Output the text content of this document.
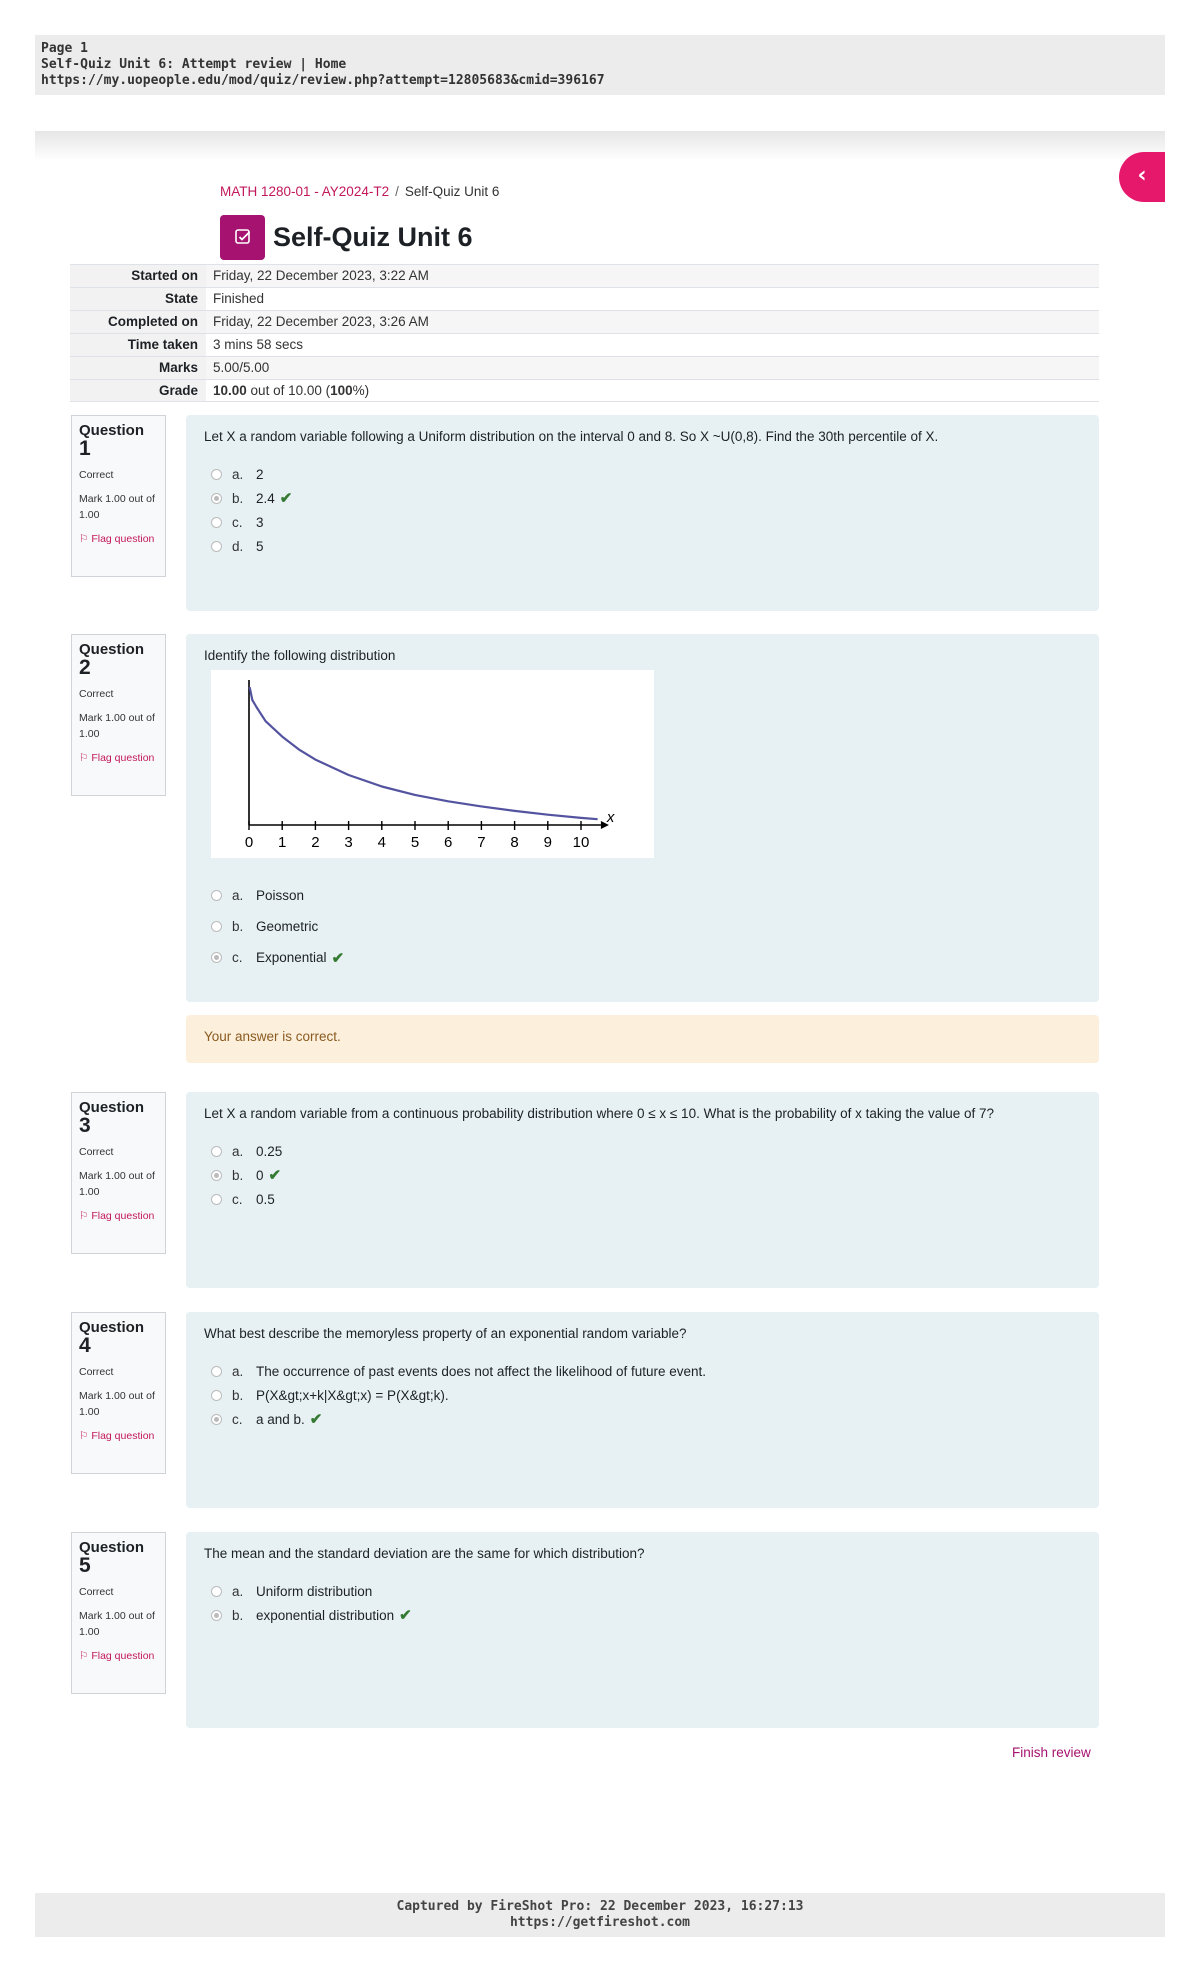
Page 1
Self-Quiz Unit 6: Attempt review | Home
https://my.uopeople.edu/mod/quiz/review.php?attempt=12805683&cmid=396167
‹
MATH 1280-01 - AY2024-T2 / Self-Quiz Unit 6
Self-Quiz Unit 6
Started on	Friday, 22 December 2023, 3:22 AM
State	Finished
Completed on	Friday, 22 December 2023, 3:26 AM
Time taken	3 mins 58 secs
Marks	5.00/5.00
Grade	10.00 out of 10.00 (100%)
Question
1
Correct
Mark 1.00 out of 1.00
⚐ Flag question
Let X a random variable following a Uniform distribution on the interval 0 and 8. So X ~U(0,8). Find the 30th percentile of X.
a. 2
b. 2.4 ✔
c. 3
d. 5
Question
2
Correct
Mark 1.00 out of 1.00
⚐ Flag question
Identify the following distribution
x
0 1 2 3 4 5 6 7 8 9 10
a. Poisson
b. Geometric
c. Exponential ✔
Your answer is correct.
Question
3
Correct
Mark 1.00 out of 1.00
⚐ Flag question
Let X a random variable from a continuous probability distribution where 0 ≤ x ≤ 10. What is the probability of x taking the value of 7?
a. 0.25
b. 0 ✔
c. 0.5
Question
4
Correct
Mark 1.00 out of 1.00
⚐ Flag question
What best describe the memoryless property of an exponential random variable?
a. The occurrence of past events does not affect the likelihood of future event.
b. P(X&gt;x+k|X&gt;x) = P(X&gt;k).
c. a and b. ✔
Question
5
Correct
Mark 1.00 out of 1.00
⚐ Flag question
The mean and the standard deviation are the same for which distribution?
a. Uniform distribution
b. exponential distribution ✔
Finish review
Captured by FireShot Pro: 22 December 2023, 16:27:13
https://getfireshot.com
